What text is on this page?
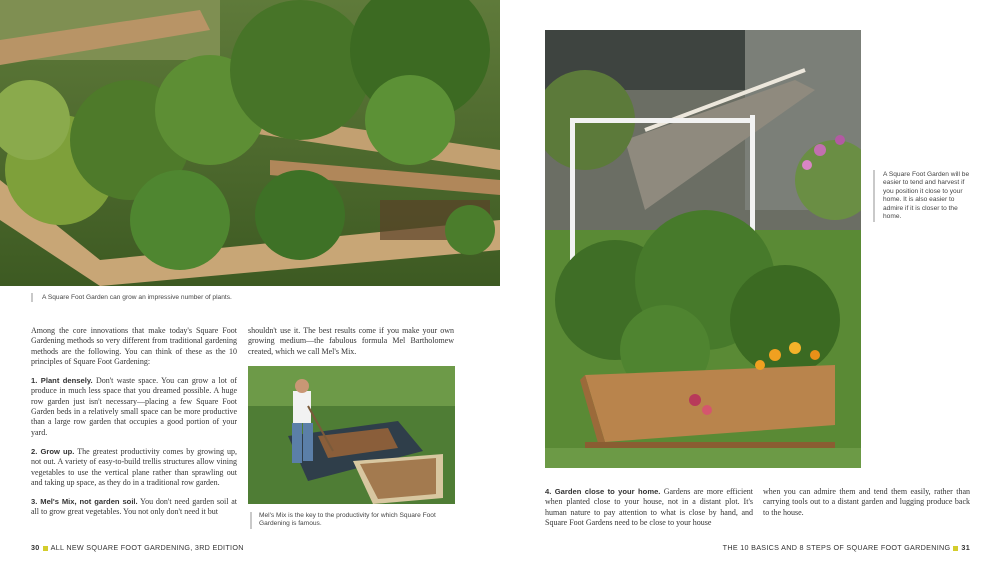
A Square Foot Garden can grow an impressive number of plants.

Among the core innovations that make today's Square Foot Gardening methods so very different from traditional gardening methods are the following. You can think of these as the 10 principles of Square Foot Gardening:

1. Plant densely. Don't waste space. You can grow a lot of produce in much less space that you dreamed possible. A huge row garden just isn't necessary—placing a few Square Foot Garden beds in a relatively small space can be more productive than a large row garden that occupies a good portion of your yard.

2. Grow up. The greatest productivity comes by growing up, not out. A variety of easy-to-build trellis structures allow vining vegetables to use the vertical plane rather than sprawling out and taking up space, as they do in a traditional row garden.

3. Mel's Mix, not garden soil. You don't need garden soil at all to grow great vegetables. You not only don't need it but

shouldn't use it. The best results come if you make your own growing medium—the fabulous formula Mel Bartholomew created, which we call Mel's Mix.

Mel's Mix is the key to the productivity for which Square Foot Gardening is famous.
30 ALL NEW SQUARE FOOT GARDENING, 3RD EDITION
A Square Foot Garden will be easier to tend and harvest if you position it close to your home. It is also easier to admire if it is closer to the home.

4. Garden close to your home. Gardens are more efficient when planted close to your house, not in a distant plot. It's human nature to pay attention to what is close by hand, and Square Foot Gardens need to be close to your house

when you can admire them and tend them easily, rather than carrying tools out to a distant garden and lugging produce back to the house.

THE 10 BASICS AND 8 STEPS OF SQUARE FOOT GARDENING 31
